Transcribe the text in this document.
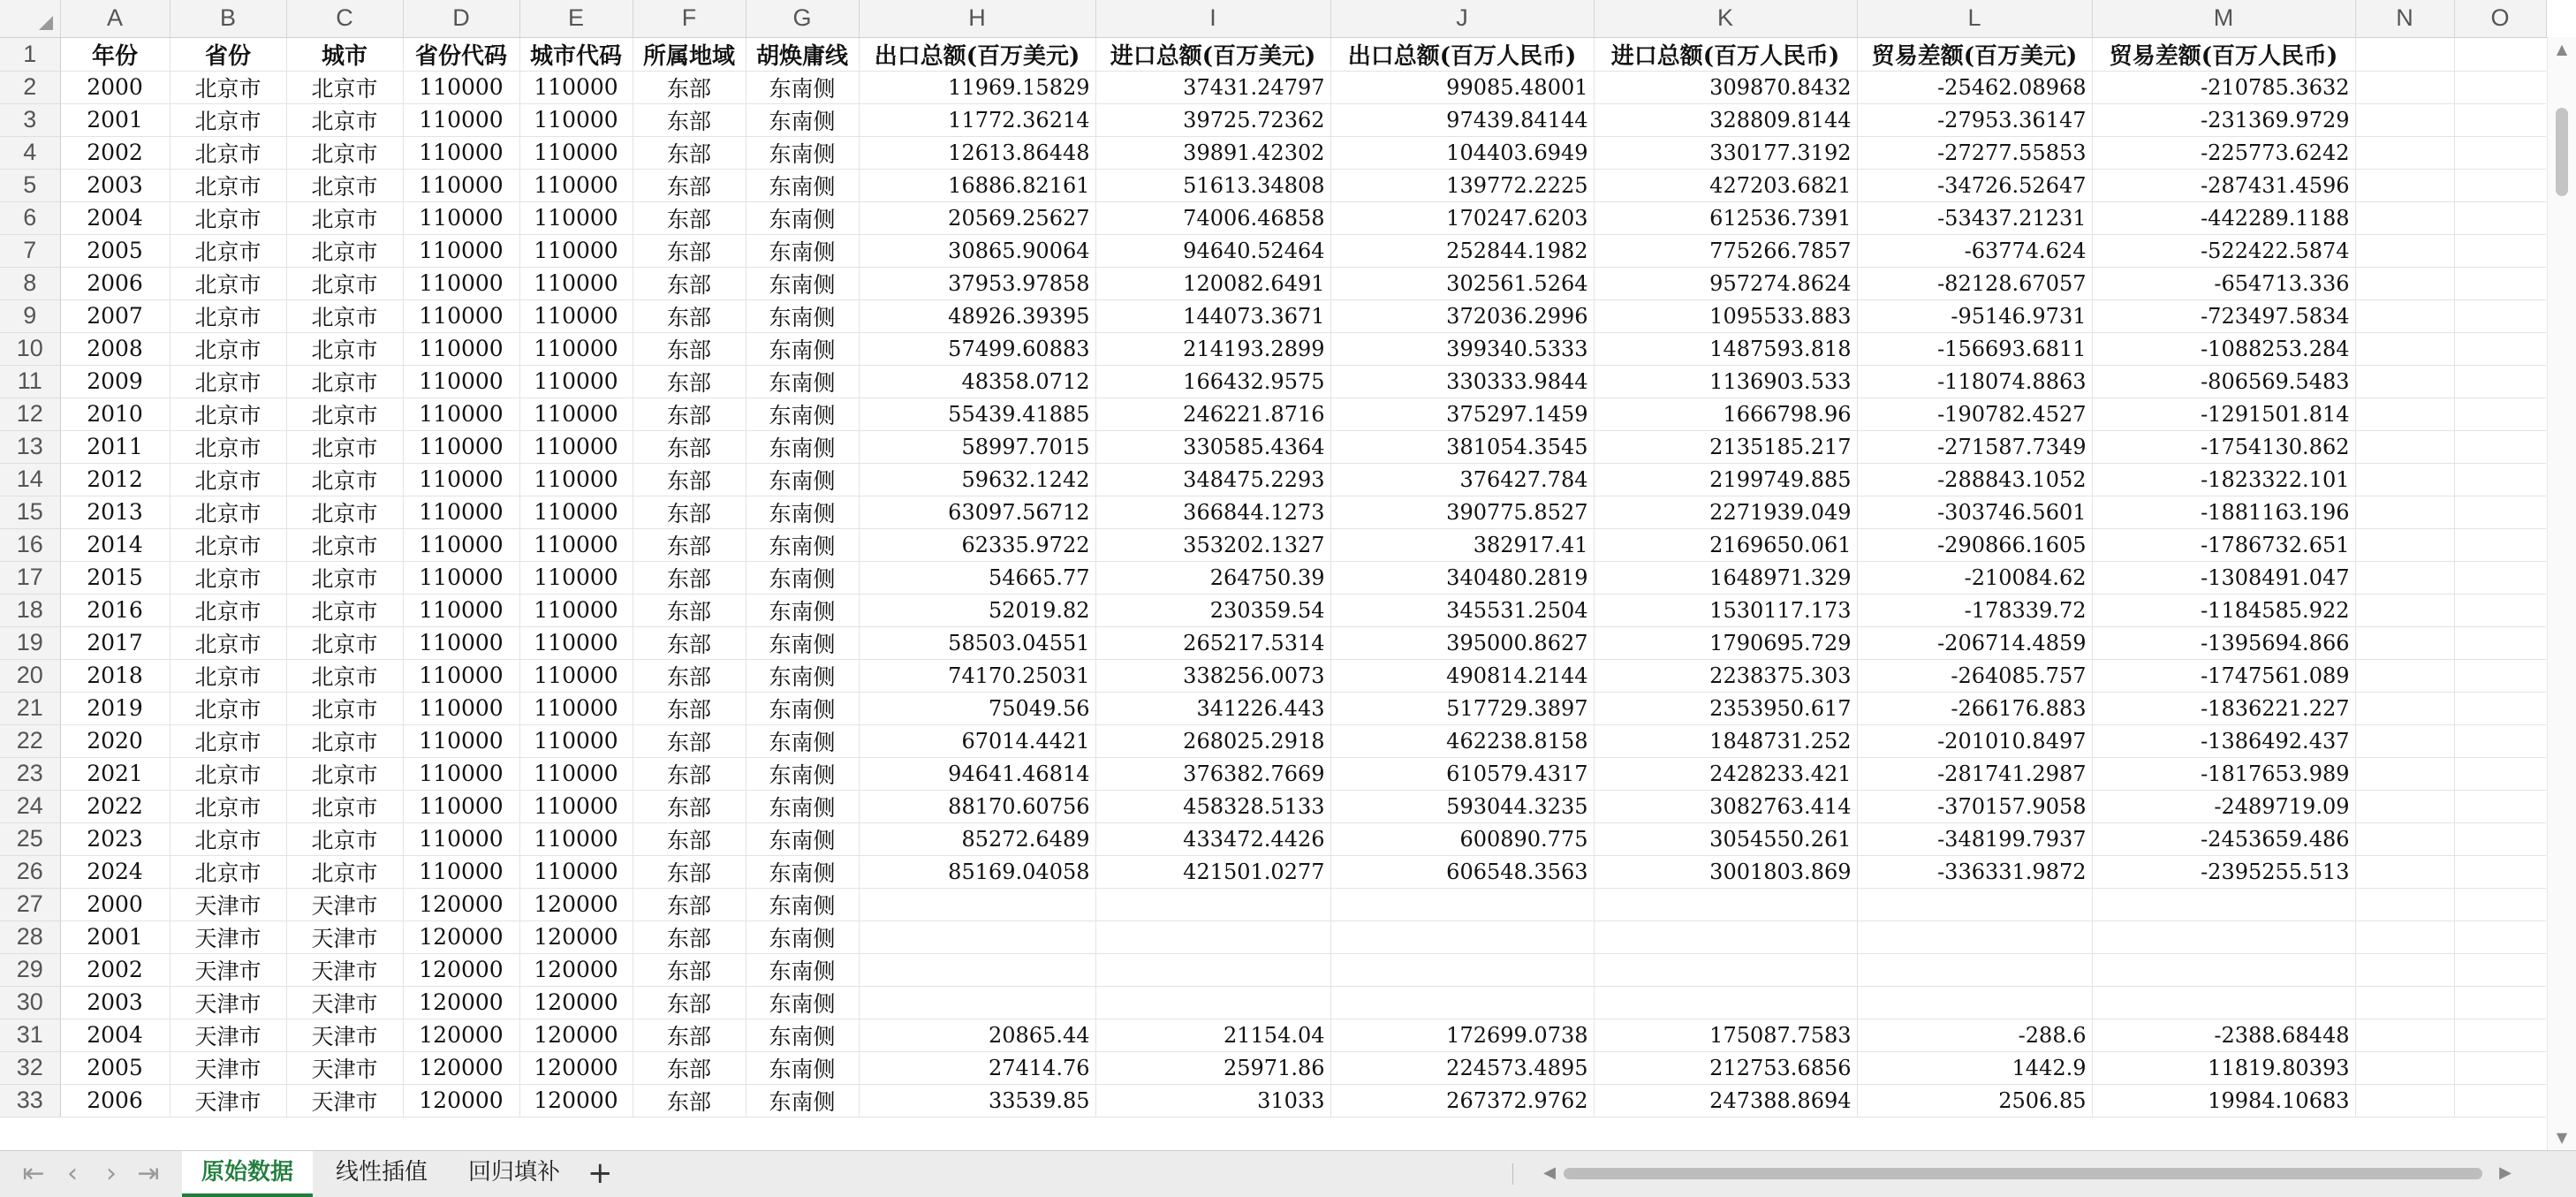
	A	B	C	D	E	F	G	H	I	J	K	L	M	N	O
1	年份	省份	城市	省份代码	城市代码	所属地域	胡焕庸线	出口总额(百万美元)	进口总额(百万美元)	出口总额(百万人民币)	进口总额(百万人民币)	贸易差额(百万美元)	贸易差额(百万人民币)		
2	2000	北京市	北京市	110000	110000	东部	东南侧	11969.15829	37431.24797	99085.48001	309870.8432	-25462.08968	-210785.3632		
3	2001	北京市	北京市	110000	110000	东部	东南侧	11772.36214	39725.72362	97439.84144	328809.8144	-27953.36147	-231369.9729		
4	2002	北京市	北京市	110000	110000	东部	东南侧	12613.86448	39891.42302	104403.6949	330177.3192	-27277.55853	-225773.6242		
5	2003	北京市	北京市	110000	110000	东部	东南侧	16886.82161	51613.34808	139772.2225	427203.6821	-34726.52647	-287431.4596		
6	2004	北京市	北京市	110000	110000	东部	东南侧	20569.25627	74006.46858	170247.6203	612536.7391	-53437.21231	-442289.1188		
7	2005	北京市	北京市	110000	110000	东部	东南侧	30865.90064	94640.52464	252844.1982	775266.7857	-63774.624	-522422.5874		
8	2006	北京市	北京市	110000	110000	东部	东南侧	37953.97858	120082.6491	302561.5264	957274.8624	-82128.67057	-654713.336		
9	2007	北京市	北京市	110000	110000	东部	东南侧	48926.39395	144073.3671	372036.2996	1095533.883	-95146.9731	-723497.5834		
10	2008	北京市	北京市	110000	110000	东部	东南侧	57499.60883	214193.2899	399340.5333	1487593.818	-156693.6811	-1088253.284		
11	2009	北京市	北京市	110000	110000	东部	东南侧	48358.0712	166432.9575	330333.9844	1136903.533	-118074.8863	-806569.5483		
12	2010	北京市	北京市	110000	110000	东部	东南侧	55439.41885	246221.8716	375297.1459	1666798.96	-190782.4527	-1291501.814		
13	2011	北京市	北京市	110000	110000	东部	东南侧	58997.7015	330585.4364	381054.3545	2135185.217	-271587.7349	-1754130.862		
14	2012	北京市	北京市	110000	110000	东部	东南侧	59632.1242	348475.2293	376427.784	2199749.885	-288843.1052	-1823322.101		
15	2013	北京市	北京市	110000	110000	东部	东南侧	63097.56712	366844.1273	390775.8527	2271939.049	-303746.5601	-1881163.196		
16	2014	北京市	北京市	110000	110000	东部	东南侧	62335.9722	353202.1327	382917.41	2169650.061	-290866.1605	-1786732.651		
17	2015	北京市	北京市	110000	110000	东部	东南侧	54665.77	264750.39	340480.2819	1648971.329	-210084.62	-1308491.047		
18	2016	北京市	北京市	110000	110000	东部	东南侧	52019.82	230359.54	345531.2504	1530117.173	-178339.72	-1184585.922		
19	2017	北京市	北京市	110000	110000	东部	东南侧	58503.04551	265217.5314	395000.8627	1790695.729	-206714.4859	-1395694.866		
20	2018	北京市	北京市	110000	110000	东部	东南侧	74170.25031	338256.0073	490814.2144	2238375.303	-264085.757	-1747561.089		
21	2019	北京市	北京市	110000	110000	东部	东南侧	75049.56	341226.443	517729.3897	2353950.617	-266176.883	-1836221.227		
22	2020	北京市	北京市	110000	110000	东部	东南侧	67014.4421	268025.2918	462238.8158	1848731.252	-201010.8497	-1386492.437		
23	2021	北京市	北京市	110000	110000	东部	东南侧	94641.46814	376382.7669	610579.4317	2428233.421	-281741.2987	-1817653.989		
24	2022	北京市	北京市	110000	110000	东部	东南侧	88170.60756	458328.5133	593044.3235	3082763.414	-370157.9058	-2489719.09		
25	2023	北京市	北京市	110000	110000	东部	东南侧	85272.6489	433472.4426	600890.775	3054550.261	-348199.7937	-2453659.486		
26	2024	北京市	北京市	110000	110000	东部	东南侧	85169.04058	421501.0277	606548.3563	3001803.869	-336331.9872	-2395255.513		
27	2000	天津市	天津市	120000	120000	东部	东南侧								
28	2001	天津市	天津市	120000	120000	东部	东南侧								
29	2002	天津市	天津市	120000	120000	东部	东南侧								
30	2003	天津市	天津市	120000	120000	东部	东南侧								
31	2004	天津市	天津市	120000	120000	东部	东南侧	20865.44	21154.04	172699.0738	175087.7583	-288.6	-2388.68448		
32	2005	天津市	天津市	120000	120000	东部	东南侧	27414.76	25971.86	224573.4895	212753.6856	1442.9	11819.80393		
33	2006	天津市	天津市	120000	120000	东部	东南侧	33539.85	31033	267372.9762	247388.8694	2506.85	19984.10683		
▲
▼
⇤ ‹	› ⇥	原始数据	线性插值	回归填补 +	◀	▶
